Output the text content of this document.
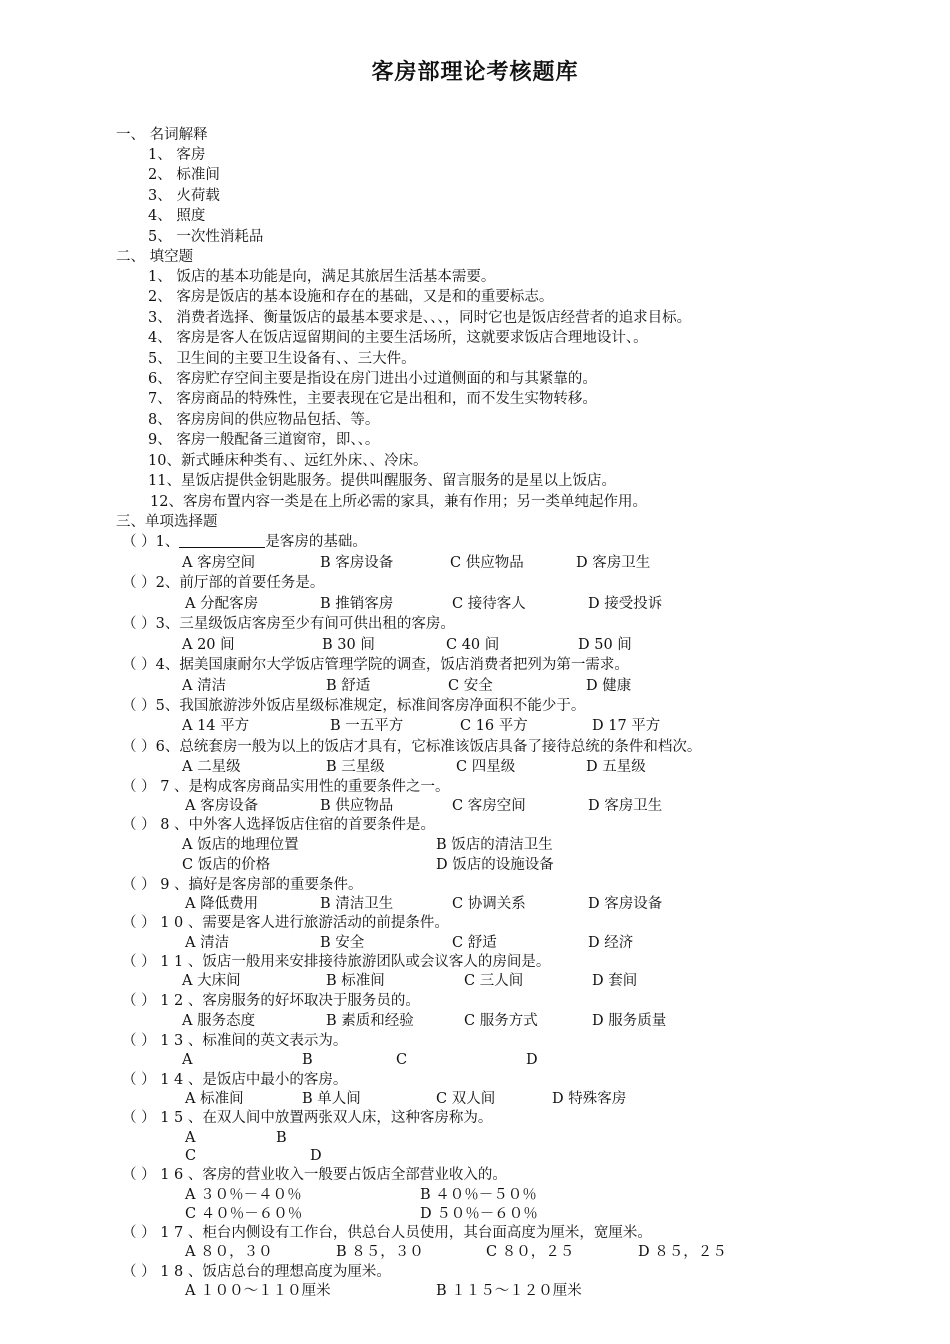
客房部理论考核题库
一、 名词解释
1、 客房
2、 标准间
3、 火荷载
4、 照度
5、 一次性消耗品
二、 填空题
1、 饭店的基本功能是向，满足其旅居生活基本需要。
2、 客房是饭店的基本设施和存在的基础，又是和的重要标志。
3、 消费者选择、衡量饭店的最基本要求是、、、，同时它也是饭店经营者的追求目标。
4、 客房是客人在饭店逗留期间的主要生活场所，这就要求饭店合理地设计、。
5、 卫生间的主要卫生设备有、、三大件。
6、 客房贮存空间主要是指设在房门进出小过道侧面的和与其紧靠的。
7、 客房商品的特殊性，主要表现在它是出租和，而不发生实物转移。
8、 客房房间的供应物品包括、等。
9、 客房一般配备三道窗帘，即、、。
10、新式睡床种类有、、远红外床、、冷床。
11、星饭店提供金钥匙服务。提供叫醒服务、留言服务的是星以上饭店。
12、客房布置内容一类是在上所必需的家具，兼有作用；另一类单纯起作用。
三、单项选择题
（ ）1、	是客房的基础。
A 客房空间	B 客房设备	C 供应物品	D 客房卫生
（ ）2、前厅部的首要任务是。
A 分配客房	B 推销客房	C 接待客人	D 接受投诉
（ ）3、三星级饭店客房至少有间可供出租的客房。
A 20 间	B 30 间	C 40 间	D 50 间
（ ）4、据美国康耐尔大学饭店管理学院的调查，饭店消费者把列为第一需求。
A 清洁	B 舒适	C 安全	D 健康
（ ）5、我国旅游涉外饭店星级标准规定，标准间客房净面积不能少于。
A 14 平方	B 一五平方	C 16 平方	D 17 平方
（ ）6、总统套房一般为以上的饭店才具有，它标准该饭店具备了接待总统的条件和档次。
A 二星级	B 三星级	C 四星级	D 五星级
（ ） 7 、是构成客房商品实用性的重要条件之一。
A 客房设备	B 供应物品	C 客房空间	D 客房卫生
（ ） 8 、中外客人选择饭店住宿的首要条件是。
A 饭店的地理位置	B 饭店的清洁卫生
C 饭店的价格	D 饭店的设施设备
（ ） 9 、搞好是客房部的重要条件。
A 降低费用	B 清洁卫生	C 协调关系	D 客房设备
（ ） 1 0 、需要是客人进行旅游活动的前提条件。
A 清洁	B 安全	C 舒适	D 经济
（ ） 1 1 、饭店一般用来安排接待旅游团队或会议客人的房间是。
A 大床间	B 标准间	C 三人间	D 套间
（ ） 1 2 、客房服务的好坏取决于服务员的。
A 服务态度	B 素质和经验	C 服务方式	D 服务质量
（ ） 1 3 、标准间的英文表示为。
A	B	C	D
（ ） 1 4 、是饭店中最小的客房。
A 标准间	B 单人间	C 双人间	D 特殊客房
（ ） 1 5 、在双人间中放置两张双人床，这种客房称为。
A	B
C	D
（ ） 1 6 、客房的营业收入一般要占饭店全部营业收入的。
A ３０％－４０％	B ４０％－５０％
C ４０％－６０％	D ５０％－６０％
（ ） 1 7 、柜台内侧设有工作台，供总台人员使用，其台面高度为厘米，宽厘米。
A ８０，３０	B ８５，３０	C ８０，２５	D ８５，２５
（ ） 1 8 、饭店总台的理想高度为厘米。
A １００～１１０厘米	B １１５～１２０厘米
